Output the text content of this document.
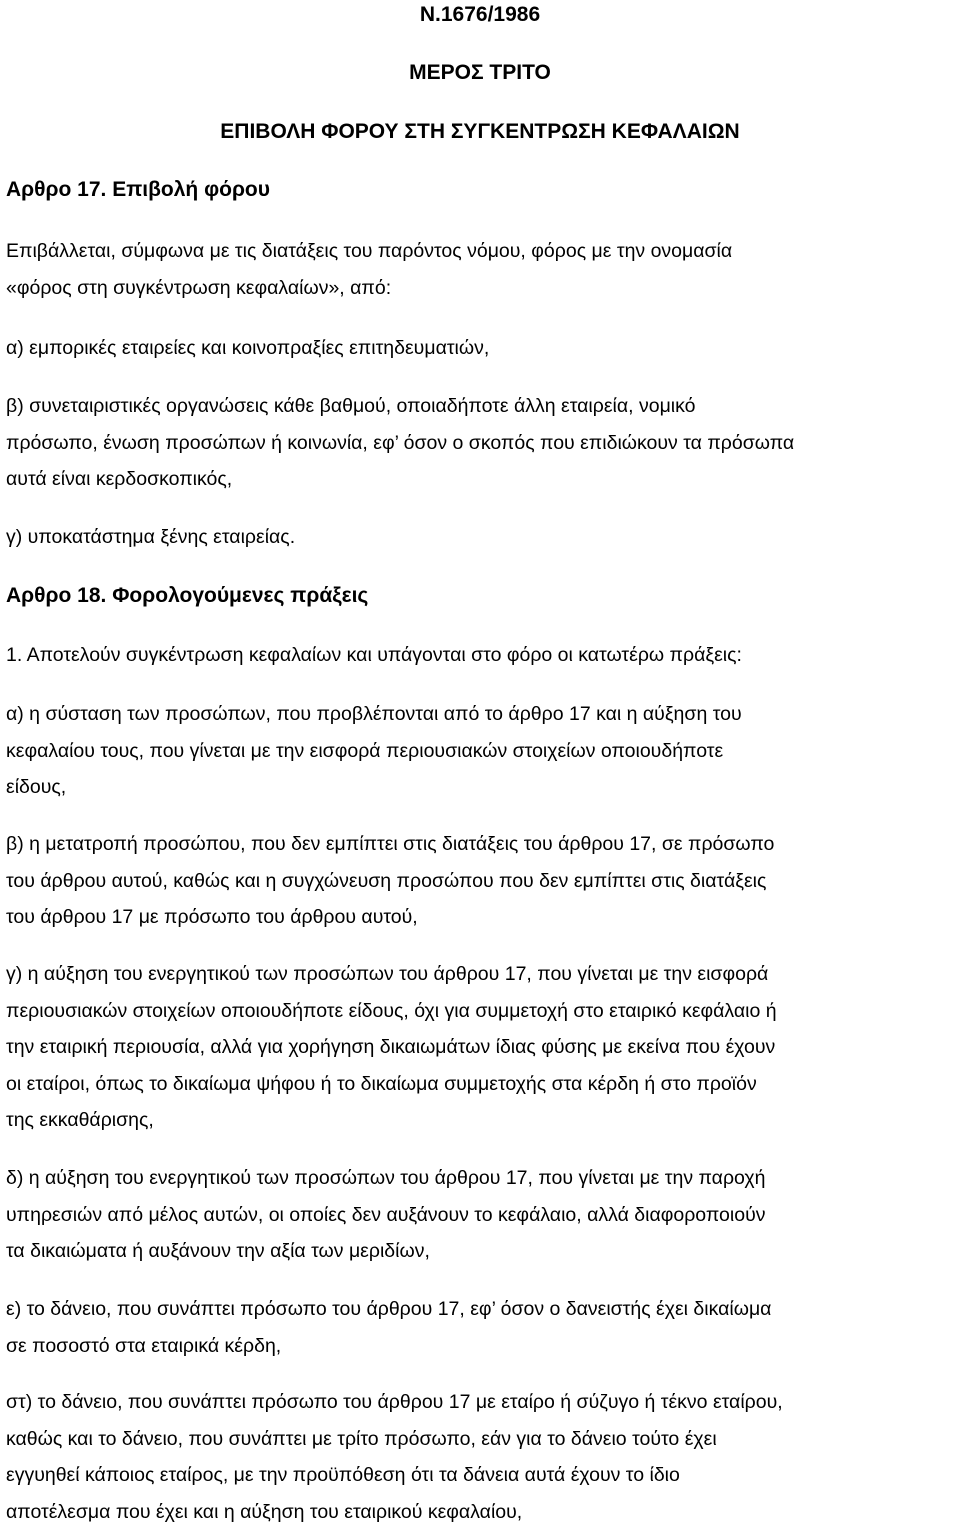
Ν.1676/1986
ΜΕΡΟΣ ΤΡΙΤΟ
ΕΠΙΒΟΛΗ ΦΟΡΟΥ ΣΤΗ ΣΥΓΚΕΝΤΡΩΣΗ ΚΕΦΑΛΑΙΩΝ
Αρθρο 17. Επιβολή φόρου

Επιβάλλεται, σύμφωνα με τις διατάξεις του παρόντος νόμου, φόρος με την ονομασία
«φόρος στη συγκέντρωση κεφαλαίων», από:

α) εμπορικές εταιρείες και κοινοπραξίες επιτηδευματιών,

β) συνεταιριστικές οργανώσεις κάθε βαθμού, οποιαδήποτε άλλη εταιρεία, νομικό
πρόσωπο, ένωση προσώπων ή κοινωνία, εφ’ όσον ο σκοπός που επιδιώκουν τα πρόσωπα
αυτά είναι κερδοσκοπικός,

γ) υποκατάστημα ξένης εταιρείας.

Αρθρο 18. Φορολογούμενες πράξεις

1. Αποτελούν συγκέντρωση κεφαλαίων και υπάγονται στο φόρο οι κατωτέρω πράξεις:

α) η σύσταση των προσώπων, που προβλέπονται από το άρθρο 17 και η αύξηση του
κεφαλαίου τους, που γίνεται με την εισφορά περιουσιακών στοιχείων οποιουδήποτε
είδους,

β) η μετατροπή προσώπου, που δεν εμπίπτει στις διατάξεις του άρθρου 17, σε πρόσωπο
του άρθρου αυτού, καθώς και η συγχώνευση προσώπου που δεν εμπίπτει στις διατάξεις
του άρθρου 17 με πρόσωπο του άρθρου αυτού,

γ) η αύξηση του ενεργητικού των προσώπων του άρθρου 17, που γίνεται με την εισφορά
περιουσιακών στοιχείων οποιουδήποτε είδους, όχι για συμμετοχή στο εταιρικό κεφάλαιο ή
την εταιρική περιουσία, αλλά για χορήγηση δικαιωμάτων ίδιας φύσης με εκείνα που έχουν
οι εταίροι, όπως το δικαίωμα ψήφου ή το δικαίωμα συμμετοχής στα κέρδη ή στο προϊόν
της εκκαθάρισης,

δ) η αύξηση του ενεργητικού των προσώπων του άρθρου 17, που γίνεται με την παροχή
υπηρεσιών από μέλος αυτών, οι οποίες δεν αυξάνουν το κεφάλαιο, αλλά διαφοροποιούν
τα δικαιώματα ή αυξάνουν την αξία των μεριδίων,

ε) το δάνειο, που συνάπτει πρόσωπο του άρθρου 17, εφ’ όσον ο δανειστής έχει δικαίωμα
σε ποσοστό στα εταιρικά κέρδη,

στ) το δάνειο, που συνάπτει πρόσωπο του άρθρου 17 με εταίρο ή σύζυγο ή τέκνο εταίρου,
καθώς και το δάνειο, που συνάπτει με τρίτο πρόσωπο, εάν για το δάνειο τούτο έχει
εγγυηθεί κάποιος εταίρος, με την προϋπόθεση ότι τα δάνεια αυτά έχουν το ίδιο
αποτέλεσμα που έχει και η αύξηση του εταιρικού κεφαλαίου,
